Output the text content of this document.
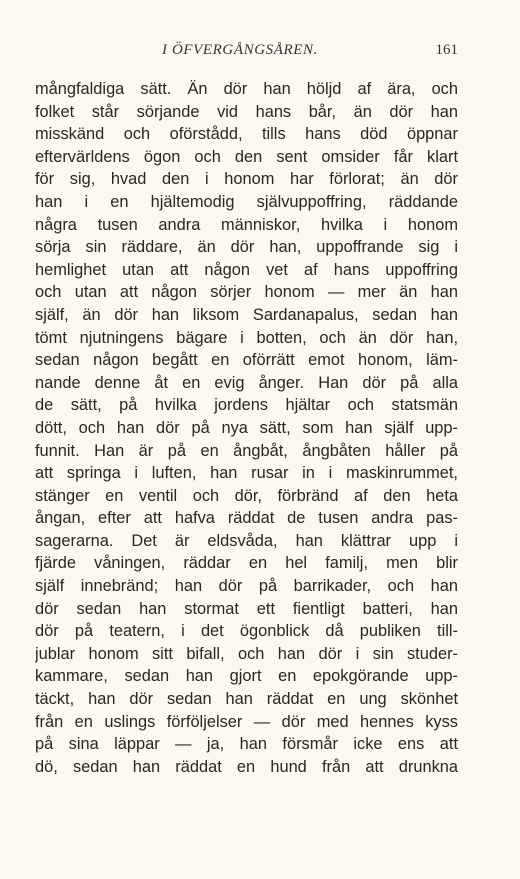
I ÖFVERGÅNGSÅREN.	161
mångfaldiga sätt. Än dör han höljd af ära, och
folket står sörjande vid hans bår, än dör han
misskänd och oförstådd, tills hans död öppnar
eftervärldens ögon och den sent omsider får klart
för sig, hvad den i honom har förlorat; än dör
han i en hjältemodig självuppoffring, räddande
några tusen andra människor, hvilka i honom
sörja sin räddare, än dör han, uppoffrande sig i
hemlighet utan att någon vet af hans uppoffring
och utan att någon sörjer honom — mer än han
själf, än dör han liksom Sardanapalus, sedan han
tömt njutningens bägare i botten, och än dör han,
sedan någon begått en oförrätt emot honom, läm-
nande denne åt en evig ånger. Han dör på alla
de sätt, på hvilka jordens hjältar och statsmän
dött, och han dör på nya sätt, som han själf upp-
funnit. Han är på en ångbåt, ångbåten håller på
att springa i luften, han rusar in i maskinrummet,
stänger en ventil och dör, förbränd af den heta
ångan, efter att hafva räddat de tusen andra pas-
sagerarna. Det är eldsvåda, han klättrar upp i
fjärde våningen, räddar en hel familj, men blir
själf innebränd; han dör på barrikader, och han
dör sedan han stormat ett fientligt batteri, han
dör på teatern, i det ögonblick då publiken till-
jublar honom sitt bifall, och han dör i sin studer-
kammare, sedan han gjort en epokgörande upp-
täckt, han dör sedan han räddat en ung skönhet
från en uslings förföljelser — dör med hennes kyss
på sina läppar — ja, han försmår icke ens att
dö, sedan han räddat en hund från att drunkna
